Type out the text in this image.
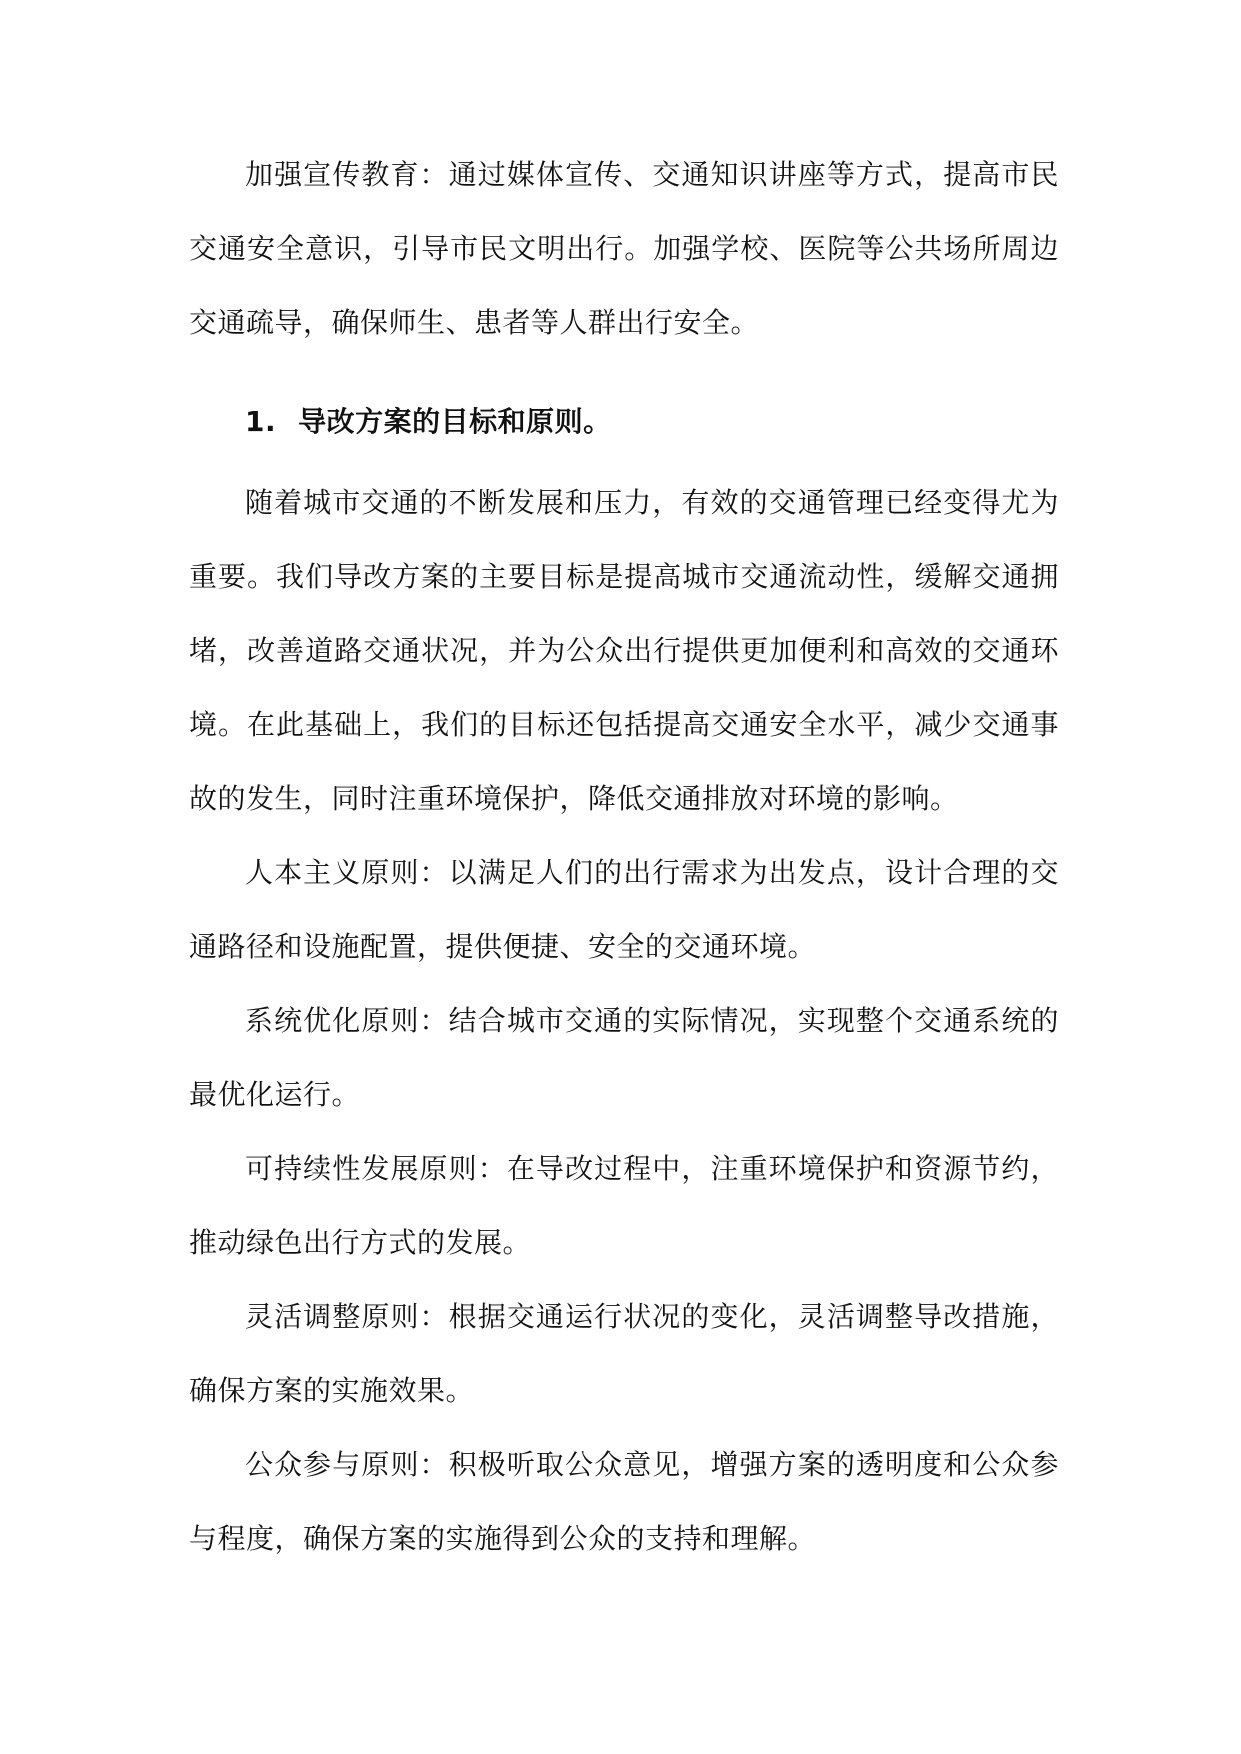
加强宣传教育：通过媒体宣传、交通知识讲座等方式，提高市民交通安全意识，引导市民文明出行。加强学校、医院等公共场所周边交通疏导，确保师生、患者等人群出行安全。

1. 导改方案的目标和原则。

随着城市交通的不断发展和压力，有效的交通管理已经变得尤为重要。我们导改方案的主要目标是提高城市交通流动性，缓解交通拥堵，改善道路交通状况，并为公众出行提供更加便利和高效的交通环境。在此基础上，我们的目标还包括提高交通安全水平，减少交通事故的发生，同时注重环境保护，降低交通排放对环境的影响。

人本主义原则：以满足人们的出行需求为出发点，设计合理的交通路径和设施配置，提供便捷、安全的交通环境。

系统优化原则：结合城市交通的实际情况，实现整个交通系统的最优化运行。

可持续性发展原则：在导改过程中，注重环境保护和资源节约，推动绿色出行方式的发展。

灵活调整原则：根据交通运行状况的变化，灵活调整导改措施，确保方案的实施效果。

公众参与原则：积极听取公众意见，增强方案的透明度和公众参与程度，确保方案的实施得到公众的支持和理解。
